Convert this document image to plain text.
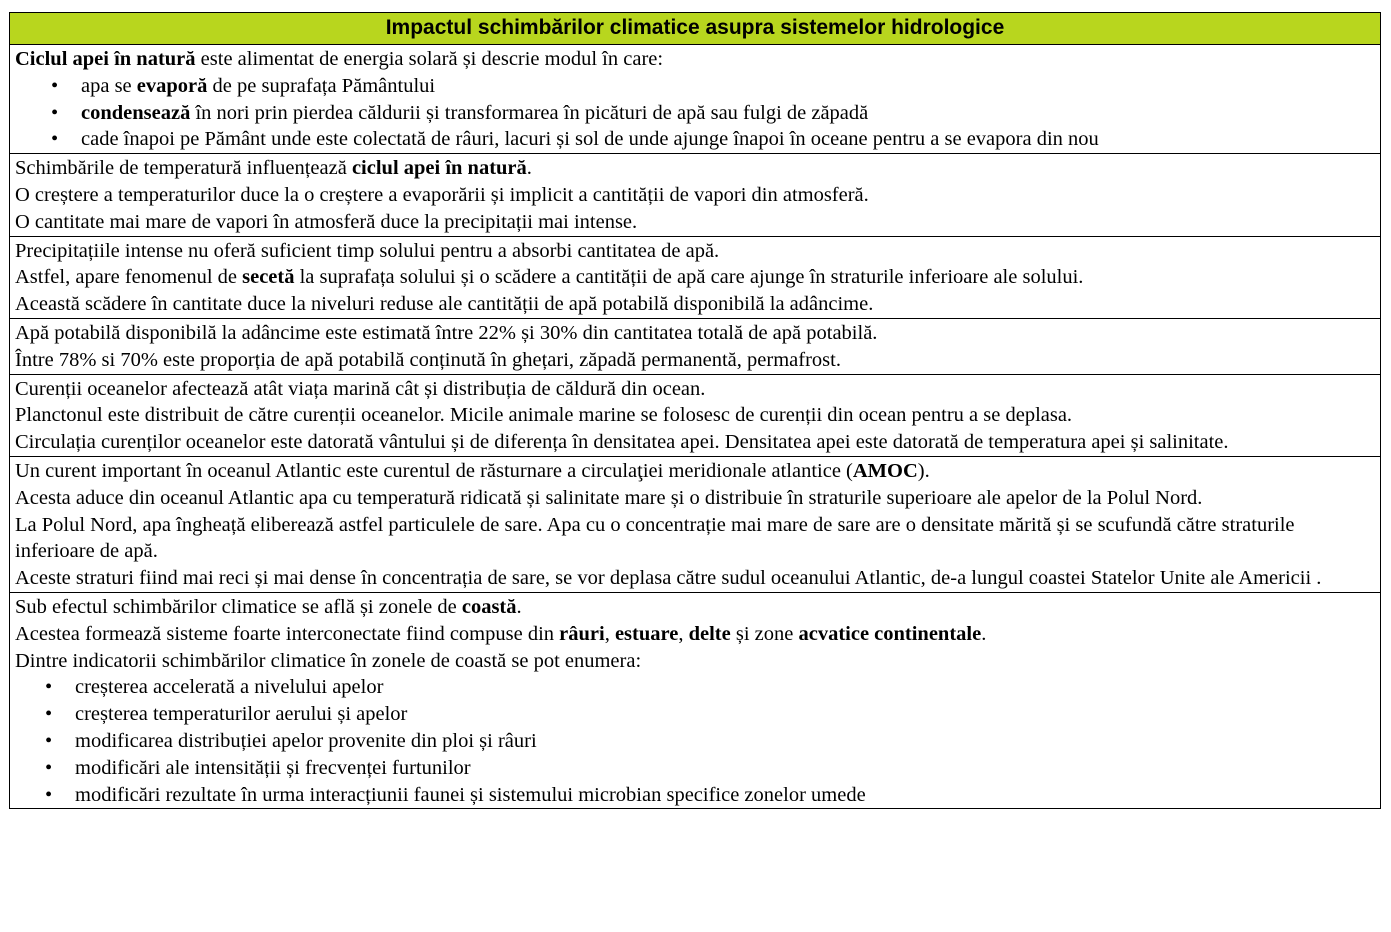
Impactul schimbărilor climatice asupra sistemelor hidrologice

Ciclul apei în natură este alimentat de energia solară și descrie modul în care:
• apa se evaporă de pe suprafața Pământului
• condensează în nori prin pierdea căldurii și transformarea în picături de apă sau fulgi de zăpadă
• cade înapoi pe Pământ unde este colectată de râuri, lacuri și sol de unde ajunge înapoi în oceane pentru a se evapora din nou

Schimbările de temperatură influențează ciclul apei în natură.
O creștere a temperaturilor duce la o creștere a evaporării și implicit a cantității de vapori din atmosferă.
O cantitate mai mare de vapori în atmosferă duce la precipitații mai intense.

Precipitațiile intense nu oferă suficient timp solului pentru a absorbi cantitatea de apă.
Astfel, apare fenomenul de secetă la suprafața solului și o scădere a cantității de apă care ajunge în straturile inferioare ale solului.
Această scădere în cantitate duce la niveluri reduse ale cantității de apă potabilă disponibilă la adâncime.

Apă potabilă disponibilă la adâncime este estimată între 22% și 30% din cantitatea totală de apă potabilă.
Între 78% si 70% este proporția de apă potabilă conținută în ghețari, zăpadă permanentă, permafrost.

Curenții oceanelor afectează atât viața marină cât și distribuția de căldură din ocean.
Planctonul este distribuit de către curenții oceanelor. Micile animale marine se folosesc de curenții din ocean pentru a se deplasa.
Circulația curenților oceanelor este datorată vântului și de diferența în densitatea apei. Densitatea apei este datorată de temperatura apei și salinitate.

Un curent important în oceanul Atlantic este curentul de răsturnare a circulaţiei meridionale atlantice (AMOC).
Acesta aduce din oceanul Atlantic apa cu temperatură ridicată și salinitate mare și o distribuie în straturile superioare ale apelor de la Polul Nord.
La Polul Nord, apa îngheață eliberează astfel particulele de sare. Apa cu o concentrație mai mare de sare are o densitate mărită și se scufundă către straturile inferioare de apă.
Aceste straturi fiind mai reci și mai dense în concentrația de sare, se vor deplasa către sudul oceanului Atlantic, de-a lungul coastei Statelor Unite ale Americii .

Sub efectul schimbărilor climatice se află și zonele de coastă.
Acestea formează sisteme foarte interconectate fiind compuse din râuri, estuare, delte și zone acvatice continentale.
Dintre indicatorii schimbărilor climatice în zonele de coastă se pot enumera:
• creșterea accelerată a nivelului apelor
• creșterea temperaturilor aerului și apelor
• modificarea distribuției apelor provenite din ploi și râuri
• modificări ale intensității și frecvenței furtunilor
• modificări rezultate în urma interacțiunii faunei și sistemului microbian specifice zonelor umede
